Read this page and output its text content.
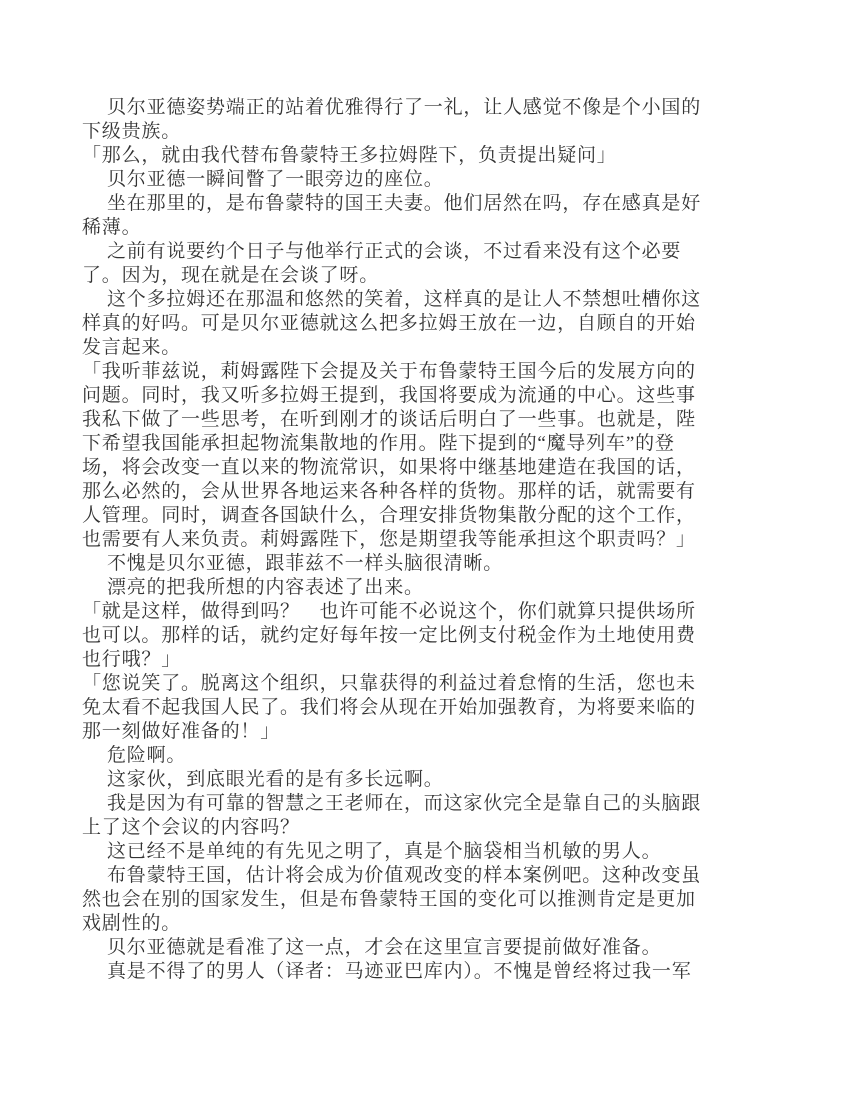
贝尔亚德姿势端正的站着优雅得行了一礼，让人感觉不像是个小国的
下级贵族。
「那么，就由我代替布鲁蒙特王多拉姆陛下，负责提出疑问」
贝尔亚德一瞬间瞥了一眼旁边的座位。
坐在那里的，是布鲁蒙特的国王夫妻。他们居然在吗，存在感真是好
稀薄。
之前有说要约个日子与他举行正式的会谈，不过看来没有这个必要
了。因为，现在就是在会谈了呀。
这个多拉姆还在那温和悠然的笑着，这样真的是让人不禁想吐槽你这
样真的好吗。可是贝尔亚德就这么把多拉姆王放在一边，自顾自的开始
发言起来。
「我听菲兹说，莉姆露陛下会提及关于布鲁蒙特王国今后的发展方向的
问题。同时，我又听多拉姆王提到，我国将要成为流通的中心。这些事
我私下做了一些思考，在听到刚才的谈话后明白了一些事。也就是，陛
下希望我国能承担起物流集散地的作用。陛下提到的“魔导列车”的登
场，将会改变一直以来的物流常识，如果将中继基地建造在我国的话，
那么必然的，会从世界各地运来各种各样的货物。那样的话，就需要有
人管理。同时，调查各国缺什么，合理安排货物集散分配的这个工作，
也需要有人来负责。莉姆露陛下，您是期望我等能承担这个职责吗？」
不愧是贝尔亚德，跟菲兹不一样头脑很清晰。
漂亮的把我所想的内容表述了出来。
「就是这样，做得到吗？　也许可能不必说这个，你们就算只提供场所
也可以。那样的话，就约定好每年按一定比例支付税金作为土地使用费
也行哦？」
「您说笑了。脱离这个组织，只靠获得的利益过着怠惰的生活，您也未
免太看不起我国人民了。我们将会从现在开始加强教育，为将要来临的
那一刻做好准备的！」
危险啊。
这家伙，到底眼光看的是有多长远啊。
我是因为有可靠的智慧之王老师在，而这家伙完全是靠自己的头脑跟
上了这个会议的内容吗？
这已经不是单纯的有先见之明了，真是个脑袋相当机敏的男人。
布鲁蒙特王国，估计将会成为价值观改变的样本案例吧。这种改变虽
然也会在别的国家发生，但是布鲁蒙特王国的变化可以推测肯定是更加
戏剧性的。
贝尔亚德就是看准了这一点，才会在这里宣言要提前做好准备。
真是不得了的男人（译者：马迹亚巴库内）。不愧是曾经将过我一军
